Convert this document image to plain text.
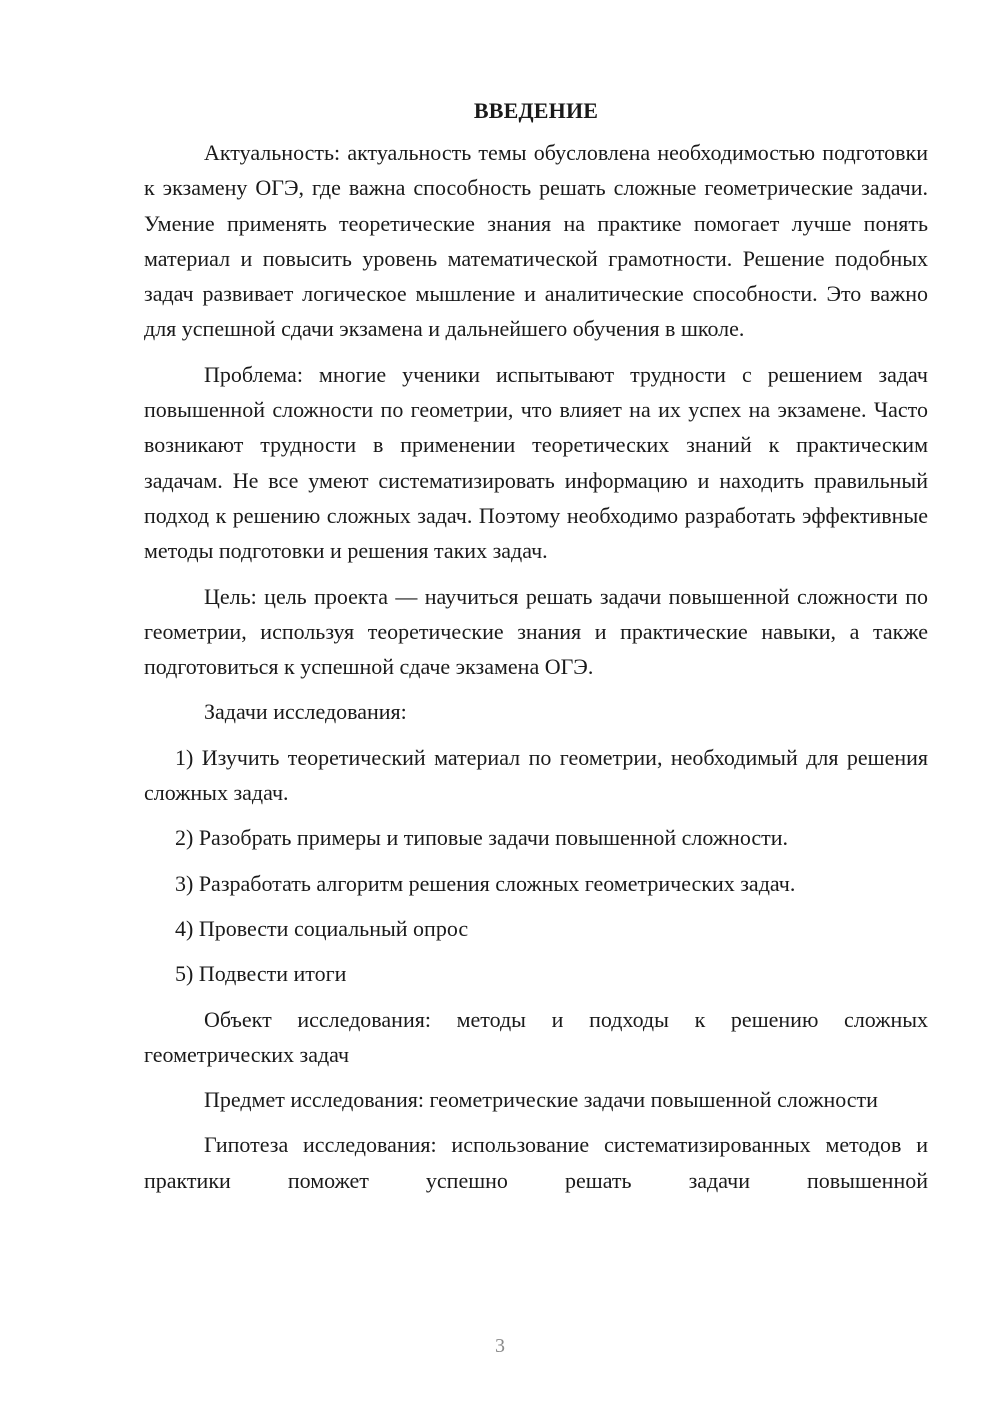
ВВЕДЕНИЕ

Актуальность: актуальность темы обусловлена необходимостью подготовки к экзамену ОГЭ, где важна способность решать сложные геометрические задачи. Умение применять теоретические знания на практике помогает лучше понять материал и повысить уровень математической грамотности. Решение подобных задач развивает логическое мышление и аналитические способности. Это важно для успешной сдачи экзамена и дальнейшего обучения в школе.

Проблема: многие ученики испытывают трудности с решением задач повышенной сложности по геометрии, что влияет на их успех на экзамене. Часто возникают трудности в применении теоретических знаний к практическим задачам. Не все умеют систематизировать информацию и находить правильный подход к решению сложных задач. Поэтому необходимо разработать эффективные методы подготовки и решения таких задач.

Цель: цель проекта — научиться решать задачи повышенной сложности по геометрии, используя теоретические знания и практические навыки, а также подготовиться к успешной сдаче экзамена ОГЭ.

Задачи исследования:

1) Изучить теоретический материал по геометрии, необходимый для решения сложных задач.

2) Разобрать примеры и типовые задачи повышенной сложности.

3) Разработать алгоритм решения сложных геометрических задач.

4) Провести социальный опрос

5) Подвести итоги

Объект исследования: методы и подходы к решению сложных геометрических задач

Предмет исследования: геометрические задачи повышенной сложности

Гипотеза исследования: использование систематизированных методов и практики поможет успешно решать задачи повышенной

3
